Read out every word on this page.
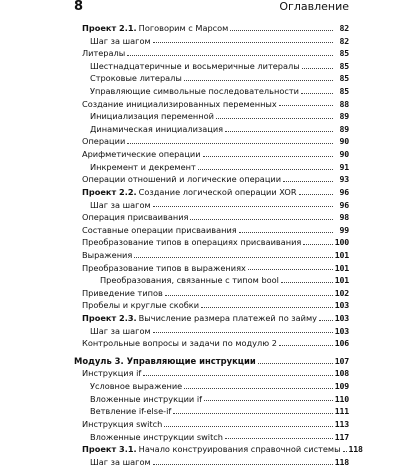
8	Оглавление
Проект 2.1. Поговорим с Марсом	82
Шаг за шагом	82
Литералы	85
Шестнадцатеричные и восьмеричные литералы	85
Строковые литералы	85
Управляющие символьные последовательности	85
Создание инициализированных переменных	88
Инициализация переменной	89
Динамическая инициализация	89
Операции	90
Арифметические операции	90
Инкремент и декремент	91
Операции отношений и логические операции	93
Проект 2.2. Создание логической операции XOR	96
Шаг за шагом	96
Операция присваивания	98
Составные операции присваивания	99
Преобразование типов в операциях присваивания	100
Выражения	101
Преобразование типов в выражениях	101
Преобразования, связанные с типом bool	101
Приведение типов	102
Пробелы и круглые скобки	103
Проект 2.3. Вычисление размера платежей по займу 103
Шаг за шагом	103
Контрольные вопросы и задачи по модулю 2	106
Модуль 3. Управляющие инструкции	107
Инструкция if	108
Условное выражение	109
Вложенные инструкции if	110
Ветвление if-else-if	111
Инструкция switch	113
Вложенные инструкции switch	117
Проект 3.1. Начало конструирования справочной системы 118
Шаг за шагом	118
